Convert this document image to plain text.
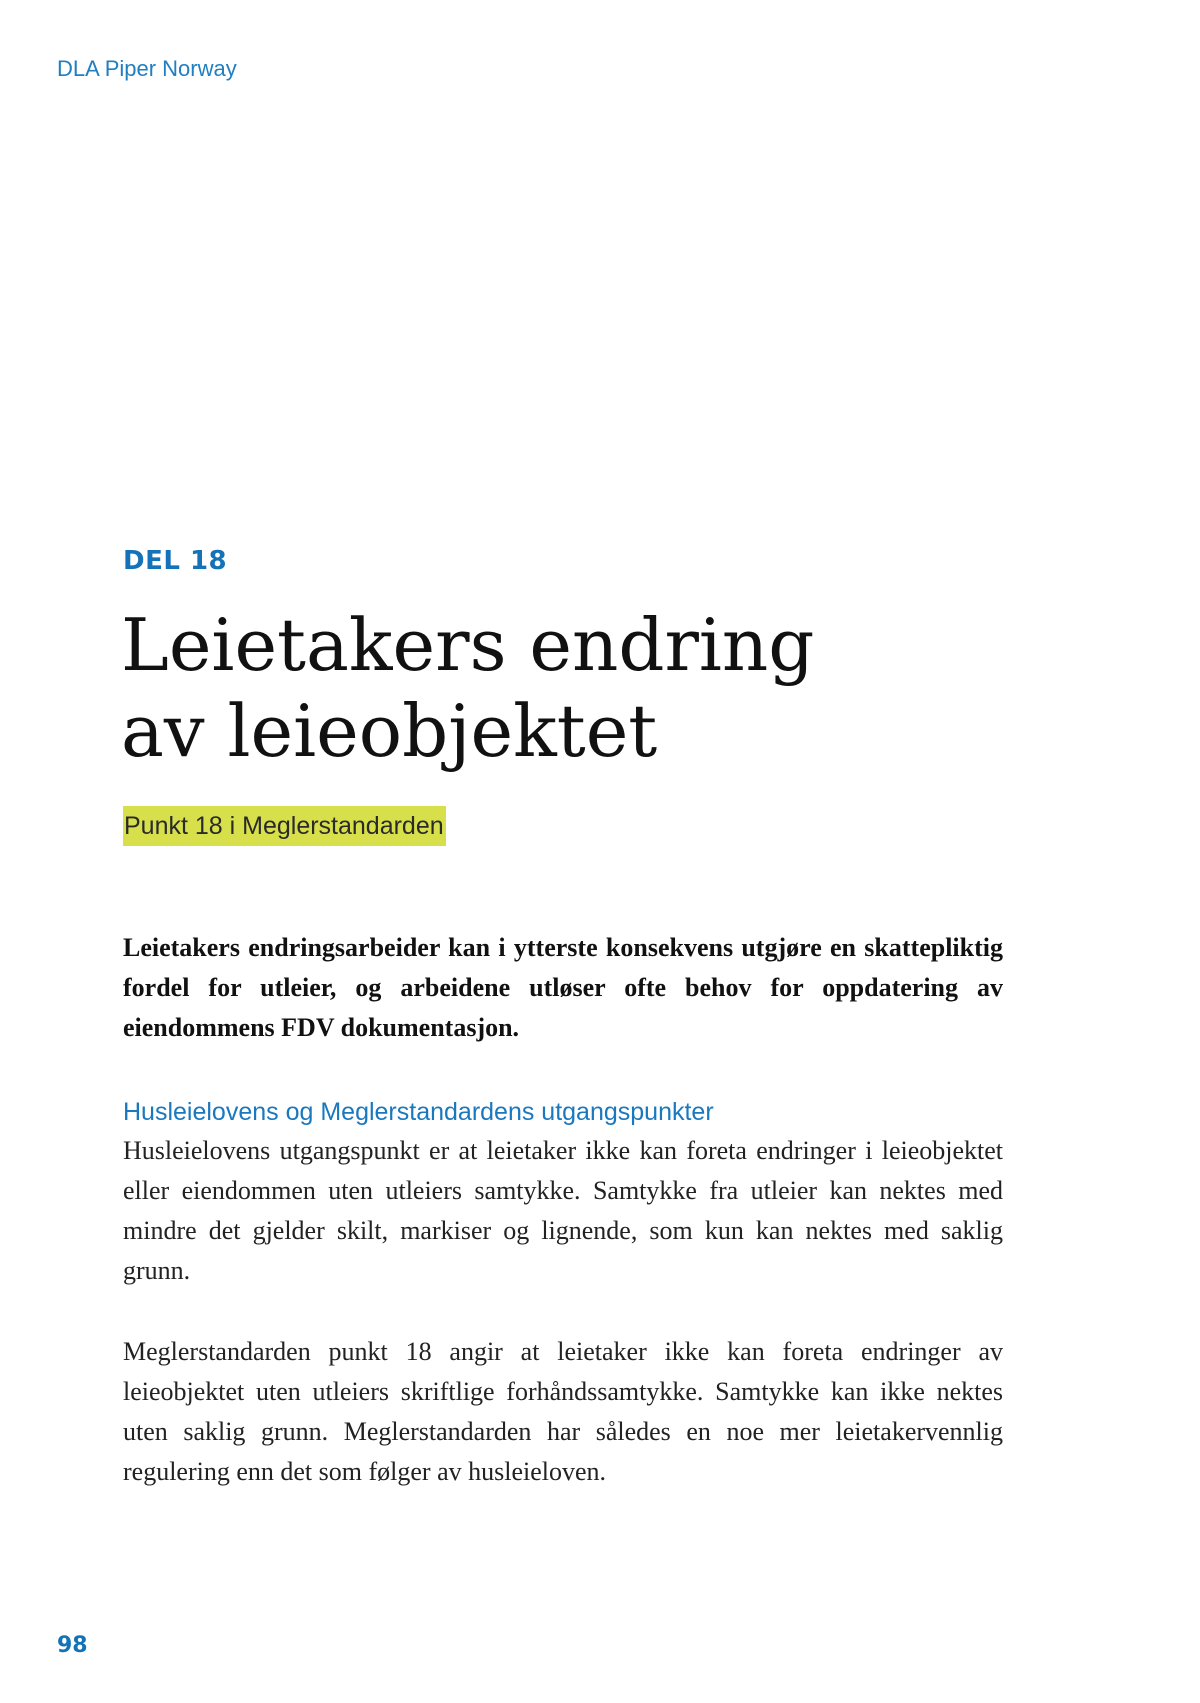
DLA Piper Norway
DEL 18
Leietakers endring
av leieobjektet
Punkt 18 i Meglerstandarden

Leietakers endringsarbeider kan i ytterste konsekvens utgjøre en skattepliktig fordel for utleier, og arbeidene utløser ofte behov for oppdatering av eiendommens FDV dokumentasjon.

Husleielovens og Meglerstandardens utgangspunkter

Husleielovens utgangspunkt er at leietaker ikke kan foreta endringer i leieobjektet eller eiendommen uten utleiers samtykke. Samtykke fra utleier kan nektes med mindre det gjelder skilt, markiser og lignende, som kun kan nektes med saklig grunn.

Meglerstandarden punkt 18 angir at leietaker ikke kan foreta endringer av leieobjektet uten utleiers skriftlige forhåndssamtykke. Samtykke kan ikke nektes uten saklig grunn. Meglerstandarden har således en noe mer leietakervennlig regulering enn det som følger av husleieloven.

98
